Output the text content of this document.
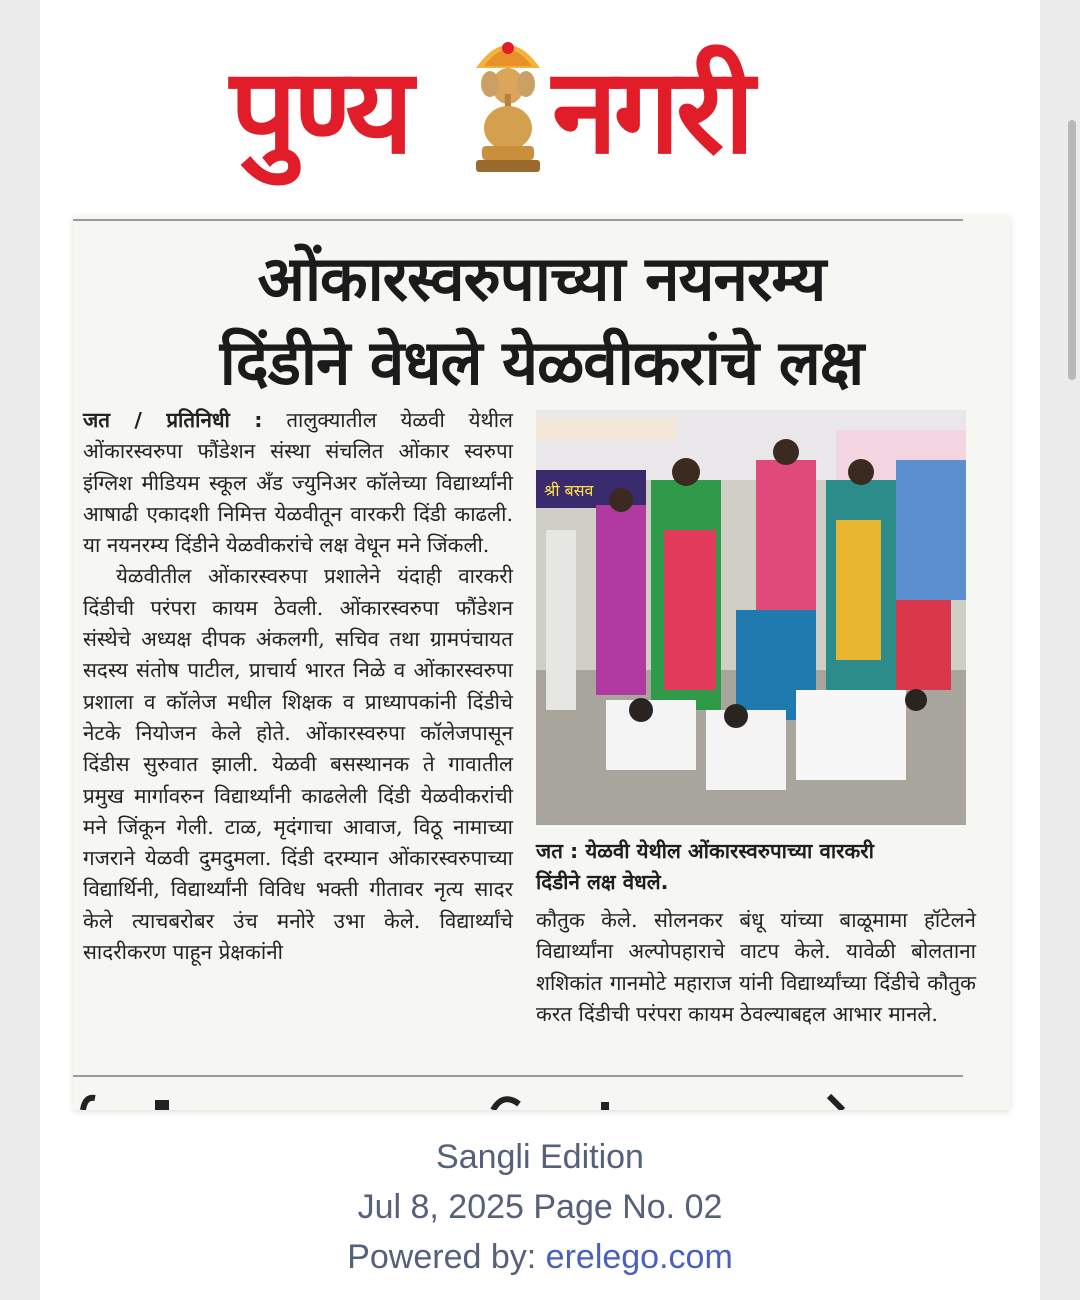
पुण्य नगरी
ओंकारस्वरुपाच्या नयनरम्य
दिंडीने वेधले येळवीकरांचे लक्ष

जत / प्रतिनिधी : तालुक्यातील येळवी येथील ओंकारस्वरुपा फौंडेशन संस्था संचलित ओंकार स्वरुपा इंग्लिश मीडियम स्कूल अँड ज्युनिअर कॉलेच्या विद्यार्थ्यांनी आषाढी एकादशी निमित्त येळवीतून वारकरी दिंडी काढली. या नयनरम्य दिंडीने येळवीकरांचे लक्ष वेधून मने जिंकली.

येळवीतील ओंकारस्वरुपा प्रशालेने यंदाही वारकरी दिंडीची परंपरा कायम ठेवली. ओंकारस्वरुपा फौंडेशन संस्थेचे अध्यक्ष दीपक अंकलगी, सचिव तथा ग्रामपंचायत सदस्य संतोष पाटील, प्राचार्य भारत निळे व ओंकारस्वरुपा प्रशाला व कॉलेज मधील शिक्षक व प्राध्यापकांनी दिंडीचे नेटके नियोजन केले होते. ओंकारस्वरुपा कॉलेजपासून दिंडीस सुरुवात झाली. येळवी बसस्थानक ते गावातील प्रमुख मार्गावरुन विद्यार्थ्यांनी काढलेली दिंडी येळवीकरांची मने जिंकून गेली. टाळ, मृदंगाचा आवाज, विठू नामाच्या गजराने येळवी दुमदुमला. दिंडी दरम्यान ओंकारस्वरुपाच्या विद्यार्थिनी, विद्यार्थ्यांनी विविध भक्ती गीतावर नृत्य सादर केले त्याचबरोबर उंच मनोरे उभा केले. विद्यार्थ्यांचे सादरीकरण पाहून प्रेक्षकांनी

श्री बसव
जत : येळवी येथील ओंकारस्वरुपाच्या वारकरी
दिंडीने लक्ष वेधले.
कौतुक केले. सोलनकर बंधू यांच्या बाळूमामा हॉटेलने विद्यार्थ्यांना अल्पोपहाराचे वाटप केले. यावेळी बोलताना शशिकांत गानमोटे महाराज यांनी विद्यार्थ्यांच्या दिंडीचे कौतुक करत दिंडीची परंपरा कायम ठेवल्याबद्दल आभार मानले.
Sangli Edition
Jul 8, 2025 Page No. 02
Powered by: erelego.com
